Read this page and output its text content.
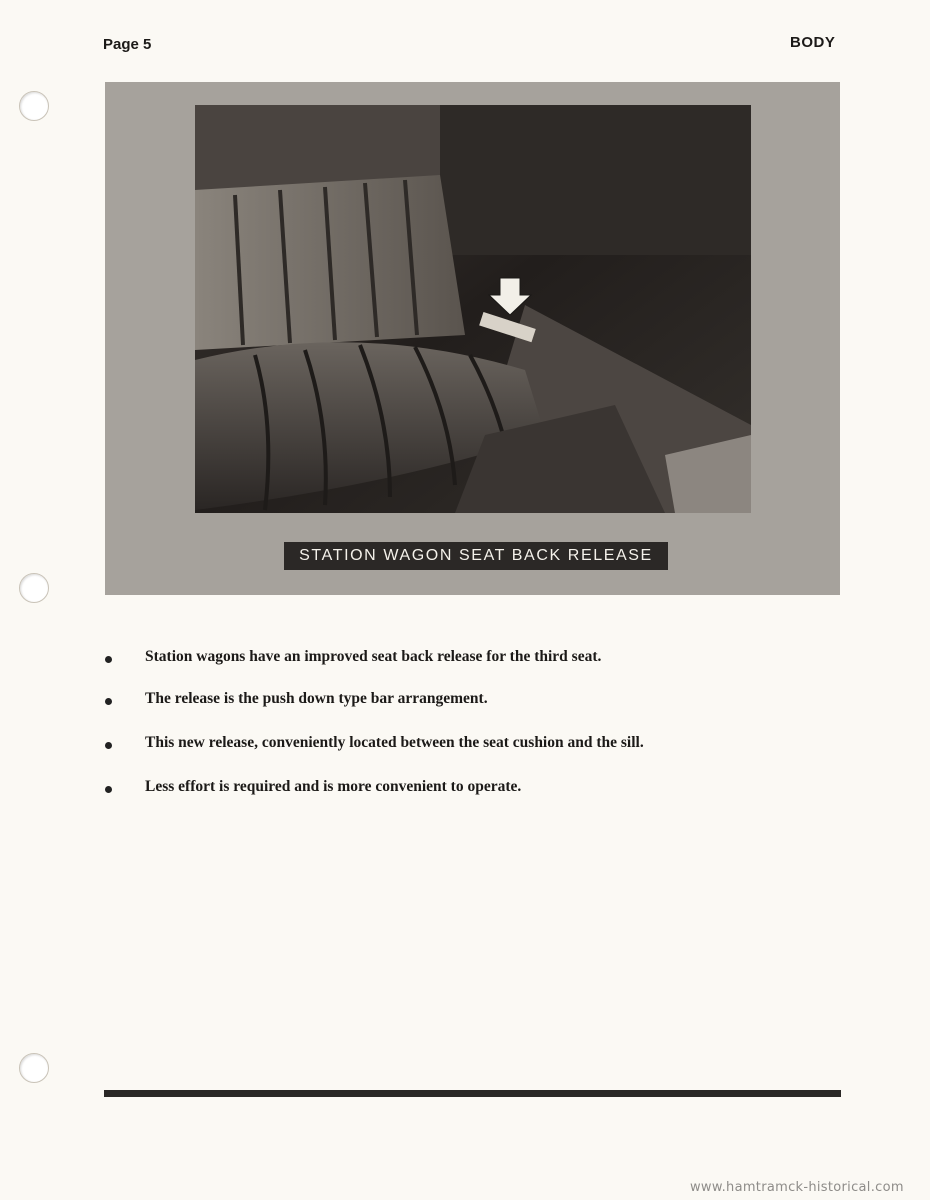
Page 5	BODY
STATION WAGON SEAT BACK RELEASE
Station wagons have an improved seat back release for the third seat.
The release is the push down type bar arrangement.
This new release, conveniently located between the seat cushion and the sill.
Less effort is required and is more convenient to operate.
www.hamtramck-historical.com
